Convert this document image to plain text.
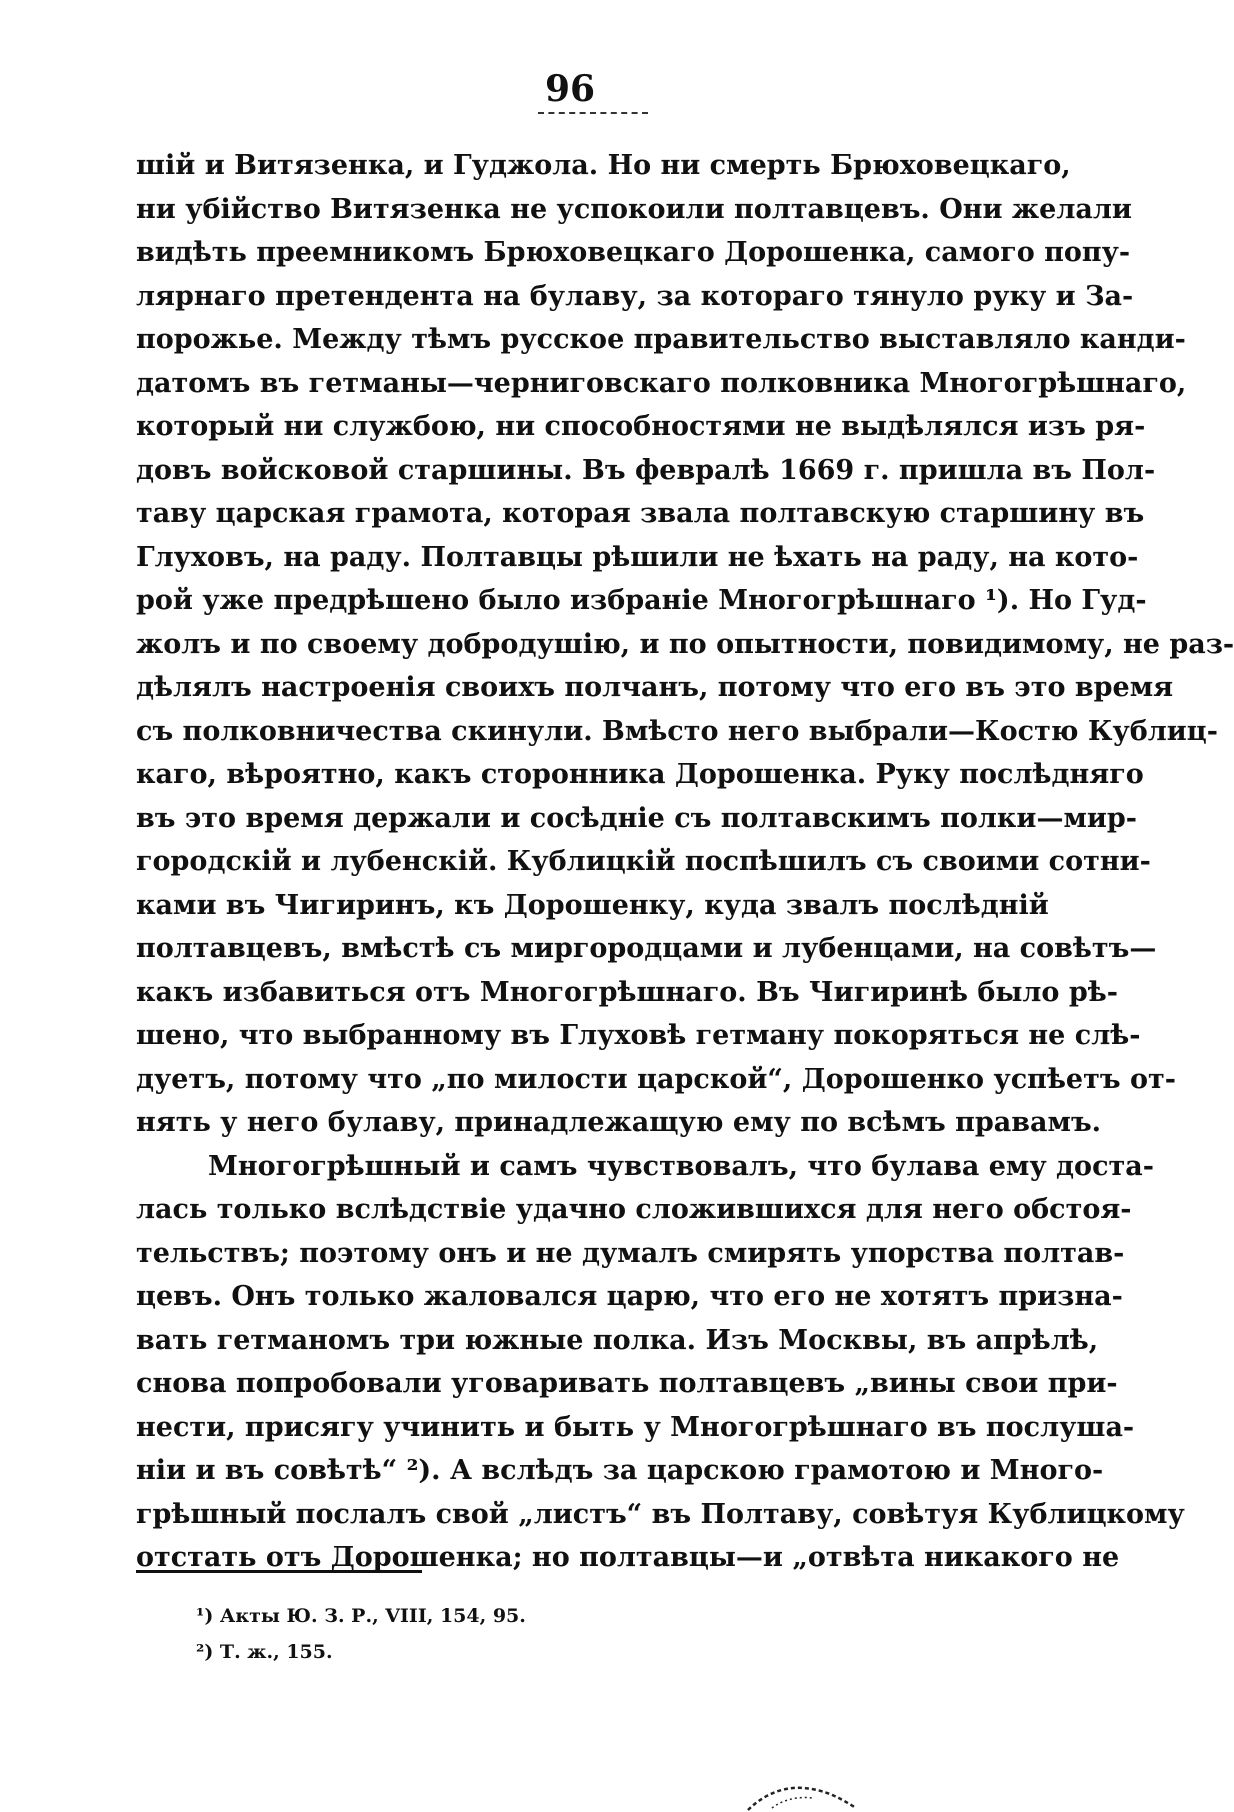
96
шій и Витязенка, и Гуджола. Но ни смерть Брюховецкаго,
ни убійство Витязенка не успокоили полтавцевъ. Они желали
видѣть преемникомъ Брюховецкаго Дорошенка, самого попу-
лярнаго претендента на булаву, за котораго тянуло руку и За-
порожье. Между тѣмъ русское правительство выставляло канди-
датомъ въ гетманы—черниговскаго полковника Многогрѣшнаго,
который ни службою, ни способностями не выдѣлялся изъ ря-
довъ войсковой старшины. Въ февралѣ 1669 г. пришла въ Пол-
таву царская грамота, которая звала полтавскую старшину въ
Глуховъ, на раду. Полтавцы рѣшили не ѣхать на раду, на кото-
рой уже предрѣшено было избраніе Многогрѣшнаго ¹). Но Гуд-
жолъ и по своему добродушію, и по опытности, повидимому, не раз-
дѣлялъ настроенія своихъ полчанъ, потому что его въ это время
съ полковничества скинули. Вмѣсто него выбрали—Костю Кублиц-
каго, вѣроятно, какъ сторонника Дорошенка. Руку послѣдняго
въ это время держали и сосѣдніе съ полтавскимъ полки—мир-
городскій и лубенскій. Кублицкій поспѣшилъ съ своими сотни-
ками въ Чигиринъ, къ Дорошенку, куда звалъ послѣдній
полтавцевъ, вмѣстѣ съ миргородцами и лубенцами, на совѣтъ—
какъ избавиться отъ Многогрѣшнаго. Въ Чигиринѣ было рѣ-
шено, что выбранному въ Глуховѣ гетману покоряться не слѣ-
дуетъ, потому что „по милости царской“, Дорошенко успѣетъ от-
нять у него булаву, принадлежащую ему по всѣмъ правамъ.
Многогрѣшный и самъ чувствовалъ, что булава ему доста-
лась только вслѣдствіе удачно сложившихся для него обстоя-
тельствъ; поэтому онъ и не думалъ смирять упорства полтав-
цевъ. Онъ только жаловался царю, что его не хотятъ призна-
вать гетманомъ три южные полка. Изъ Москвы, въ апрѣлѣ,
снова попробовали уговаривать полтавцевъ „вины свои при-
нести, присягу учинить и быть у Многогрѣшнаго въ послуша-
ніи и въ совѣтѣ“ ²). А вслѣдъ за царскою грамотою и Много-
грѣшный послалъ свой „листъ“ въ Полтаву, совѣтуя Кублицкому
отстать отъ Дорошенка; но полтавцы—и „отвѣта никакого не
¹) Акты Ю. З. Р., VIII, 154, 95.
²) Т. ж., 155.
